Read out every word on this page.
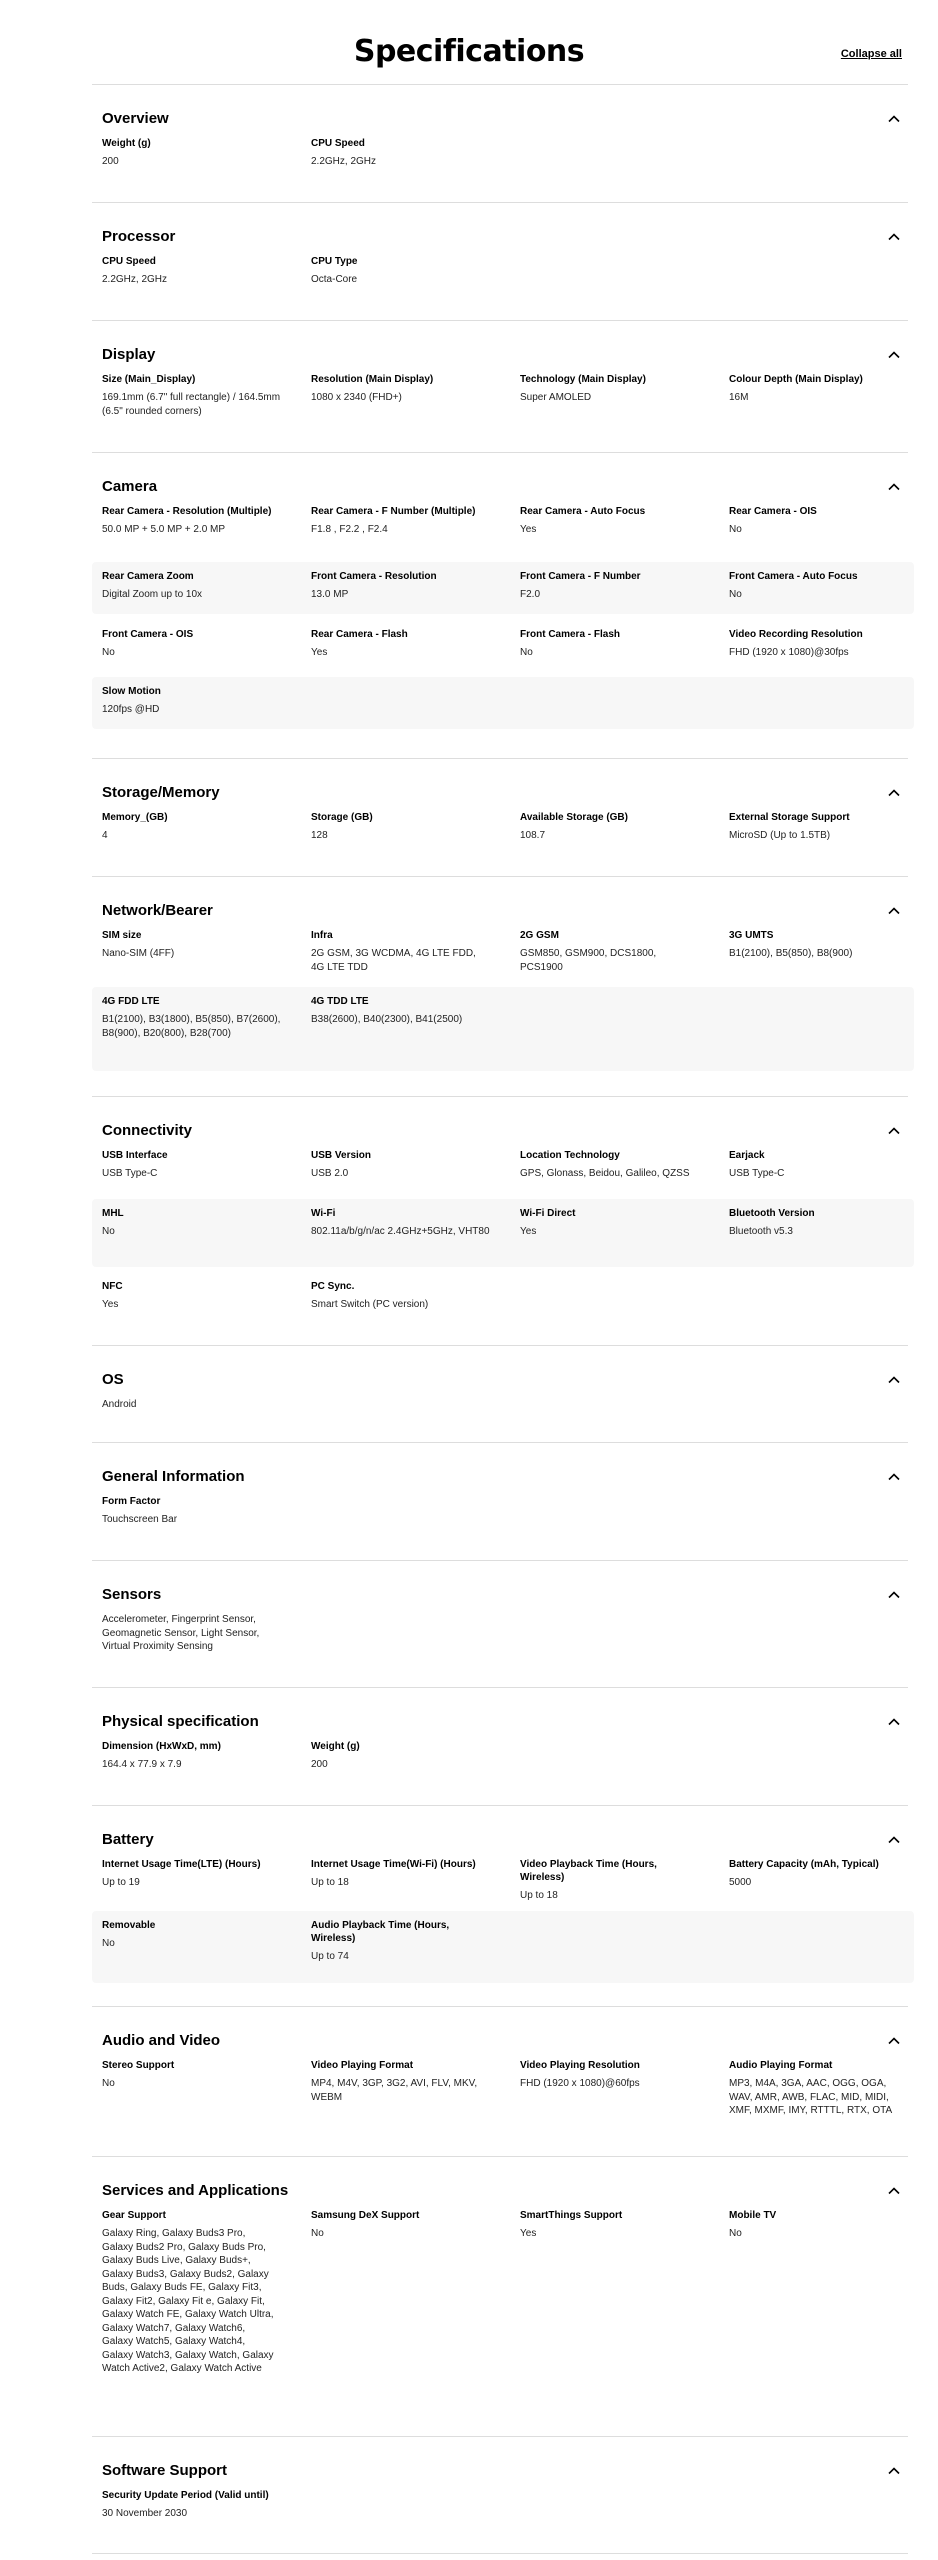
Specifications	Collapse all
Overview
Weight (g)
200
CPU Speed
2.2GHz, 2GHz
Processor
CPU Speed
2.2GHz, 2GHz
CPU Type
Octa-Core
Display
Size (Main_Display)
169.1mm (6.7" full rectangle) / 164.5mm (6.5" rounded corners)
Resolution (Main Display)
1080 x 2340 (FHD+)
Technology (Main Display)
Super AMOLED
Colour Depth (Main Display)
16M
Camera
Rear Camera - Resolution (Multiple)
50.0 MP + 5.0 MP + 2.0 MP
Rear Camera - F Number (Multiple)
F1.8 , F2.2 , F2.4
Rear Camera - Auto Focus
Yes
Rear Camera - OIS
No
Rear Camera Zoom
Digital Zoom up to 10x
Front Camera - Resolution
13.0 MP
Front Camera - F Number
F2.0
Front Camera - Auto Focus
No
Front Camera - OIS
No
Rear Camera - Flash
Yes
Front Camera - Flash
No
Video Recording Resolution
FHD (1920 x 1080)@30fps
Slow Motion
120fps @HD
Storage/Memory
Memory_(GB)
4
Storage (GB)
128
Available Storage (GB)
108.7
External Storage Support
MicroSD (Up to 1.5TB)
Network/Bearer
SIM size
Nano-SIM (4FF)
Infra
2G GSM, 3G WCDMA, 4G LTE FDD, 4G LTE TDD
2G GSM
GSM850, GSM900, DCS1800, PCS1900
3G UMTS
B1(2100), B5(850), B8(900)
4G FDD LTE
B1(2100), B3(1800), B5(850), B7(2600), B8(900), B20(800), B28(700)
4G TDD LTE
B38(2600), B40(2300), B41(2500)
Connectivity
USB Interface
USB Type-C
USB Version
USB 2.0
Location Technology
GPS, Glonass, Beidou, Galileo, QZSS
Earjack
USB Type-C
MHL
No
Wi-Fi
802.11a/b/g/n/ac 2.4GHz+5GHz, VHT80
Wi-Fi Direct
Yes
Bluetooth Version
Bluetooth v5.3
NFC
Yes
PC Sync.
Smart Switch (PC version)
OS
Android
General Information
Form Factor
Touchscreen Bar
Sensors
Accelerometer, Fingerprint Sensor, Geomagnetic Sensor, Light Sensor, Virtual Proximity Sensing
Physical specification
Dimension (HxWxD, mm)
164.4 x 77.9 x 7.9
Weight (g)
200
Battery
Internet Usage Time(LTE) (Hours)
Up to 19
Internet Usage Time(Wi-Fi) (Hours)
Up to 18
Video Playback Time (Hours, Wireless)
Up to 18
Battery Capacity (mAh, Typical)
5000
Removable
No
Audio Playback Time (Hours, Wireless)
Up to 74
Audio and Video
Stereo Support
No
Video Playing Format
MP4, M4V, 3GP, 3G2, AVI, FLV, MKV, WEBM
Video Playing Resolution
FHD (1920 x 1080)@60fps
Audio Playing Format
MP3, M4A, 3GA, AAC, OGG, OGA, WAV, AMR, AWB, FLAC, MID, MIDI, XMF, MXMF, IMY, RTTTL, RTX, OTA
Services and Applications
Gear Support
Galaxy Ring, Galaxy Buds3 Pro, Galaxy Buds2 Pro, Galaxy Buds Pro, Galaxy Buds Live, Galaxy Buds+, Galaxy Buds3, Galaxy Buds2, Galaxy Buds, Galaxy Buds FE, Galaxy Fit3, Galaxy Fit2, Galaxy Fit e, Galaxy Fit, Galaxy Watch FE, Galaxy Watch Ultra, Galaxy Watch7, Galaxy Watch6, Galaxy Watch5, Galaxy Watch4, Galaxy Watch3, Galaxy Watch, Galaxy Watch Active2, Galaxy Watch Active
Samsung DeX Support
No
SmartThings Support
Yes
Mobile TV
No
Software Support
Security Update Period (Valid until)
30 November 2030
